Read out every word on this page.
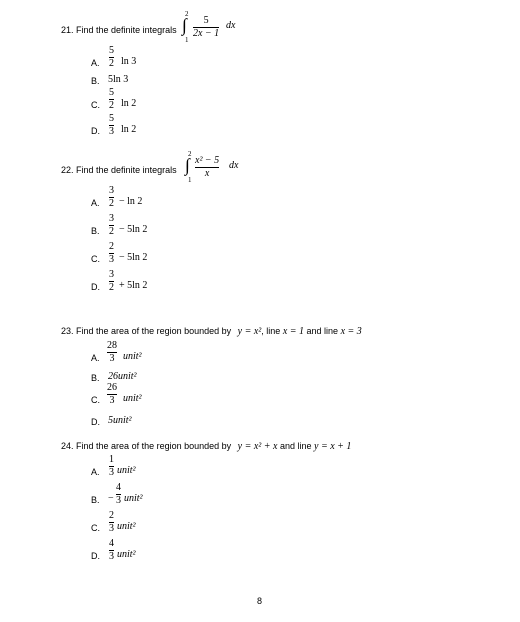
21. Find the definite integrals
2
∫
1
5
2x − 1
dx
A.
5
2 ln 3
B. 5ln 3
C.
5
2 ln 2
D.
5
3 ln 2
22. Find the definite integrals
2
∫
1
x² − 5
x
dx
A.
3
2 − ln 2
B.
3
2 − 5ln 2
C.
2
3 − 5ln 2
D.
3
2 + 5ln 2
23. Find the area of the region bounded by y = x², line x = 1 and line x = 3
A.
28
3 unit²
B. 26unit²
C.
26
3 unit²
D. 5unit²
24. Find the area of the region bounded by y = x² + x and line y = x + 1
A.
1
3 unit²
B. −
4
3 unit²
C.
2
3 unit²
D.
4
3 unit²
8
